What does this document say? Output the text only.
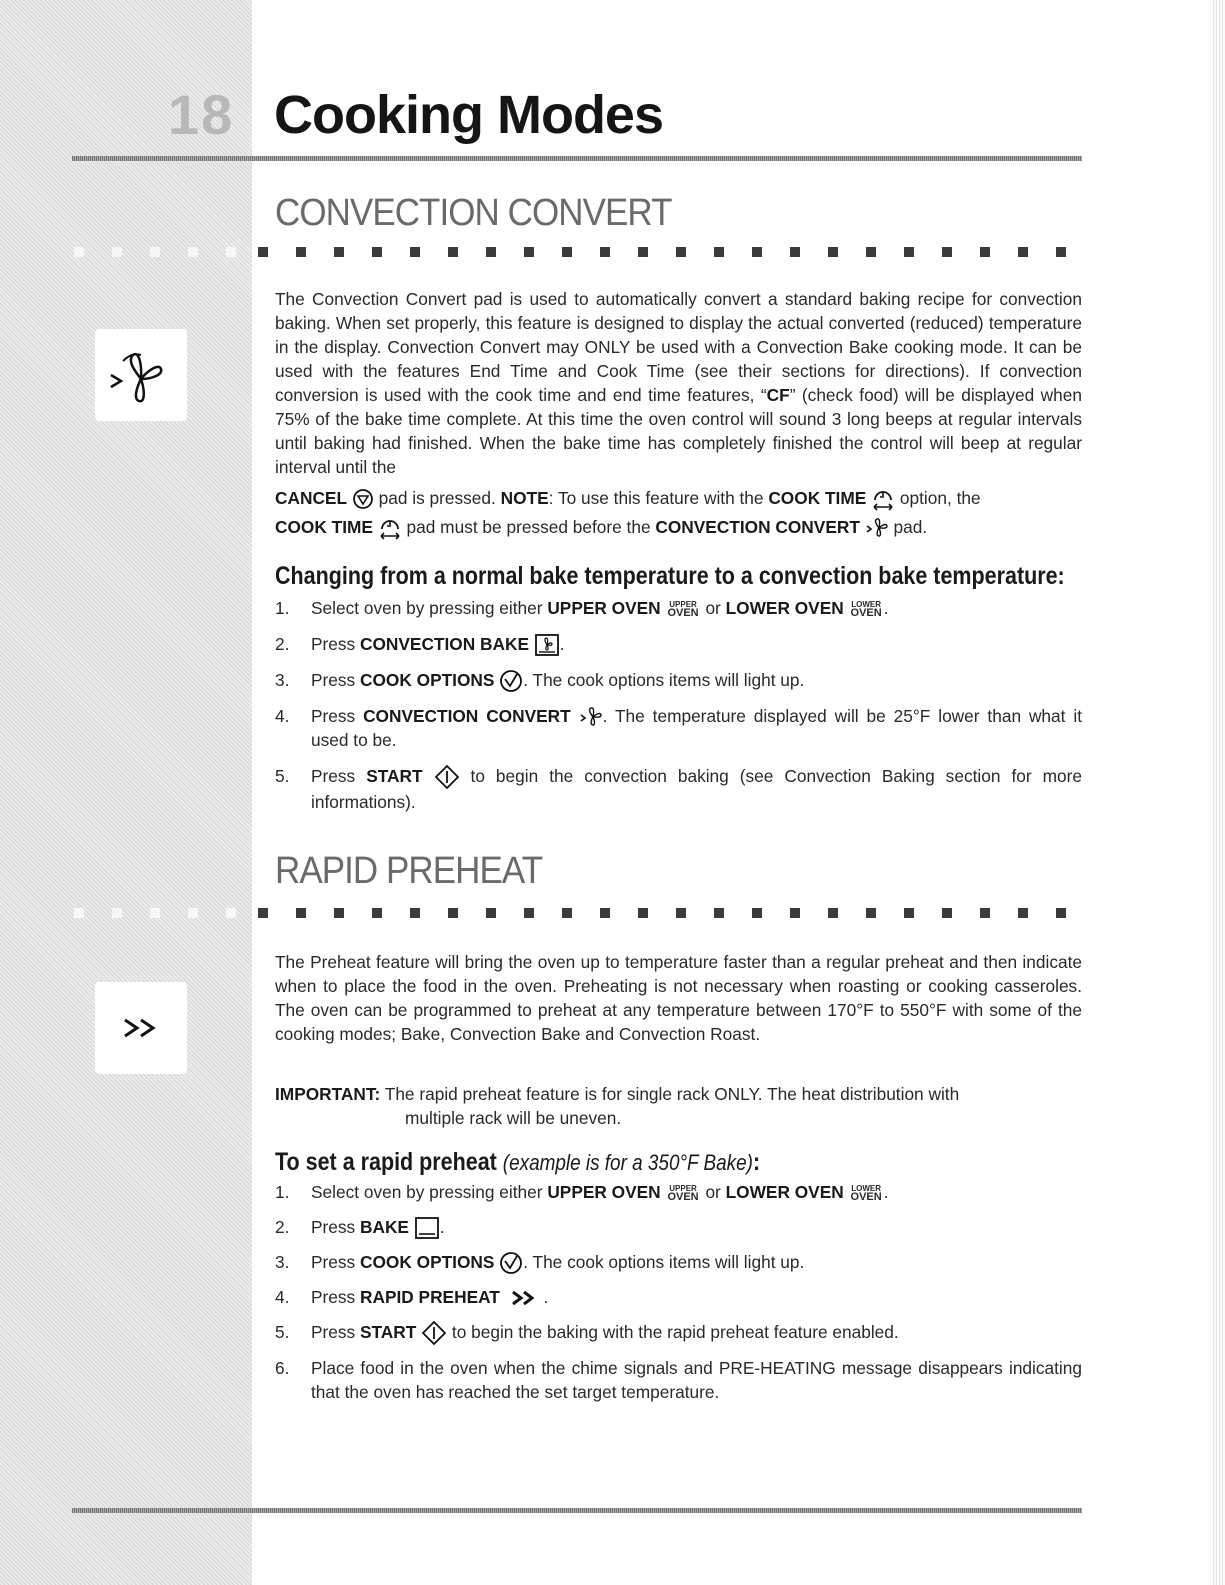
18 Cooking Modes
CONVECTION CONVERT
The Convection Convert pad is used to automatically convert a standard baking recipe for convection baking. When set properly, this feature is designed to display the actual converted (reduced) temperature in the display. Convection Convert may ONLY be used with a Convection Bake cooking mode. It can be used with the features End Time and Cook Time (see their sections for directions). If convection conversion is used with the cook time and end time features, “CF” (check food) will be displayed when 75% of the bake time complete. At this time the oven control will sound 3 long beeps at regular intervals until baking had finished. When the bake time has completely finished the control will beep at regular interval until the
CANCEL  pad is pressed. NOTE: To use this feature with the COOK TIME  option, the
COOK TIME  pad must be pressed before the CONVECTION CONVERT  pad.
Changing from a normal bake temperature to a convection bake temperature:
1. Select oven by pressing either UPPER OVEN UPPER
OVEN or LOWER OVEN LOWER
OVEN .
2. Press CONVECTION BAKE .
3. Press COOK OPTIONS . The cook options items will light up.
4. Press CONVECTION CONVERT . The temperature displayed will be 25°F lower than what it used to be.
5. Press START  to begin the convection baking (see Convection Baking section for more informations).
RAPID PREHEAT
The Preheat feature will bring the oven up to temperature faster than a regular preheat and then indicate when to place the food in the oven. Preheating is not necessary when roasting or cooking casseroles. The oven can be programmed to preheat at any temperature between 170°F to 550°F with some of the cooking modes; Bake, Convection Bake and Convection Roast.
IMPORTANT: The rapid preheat feature is for single rack ONLY. The heat distribution with
multiple rack will be uneven.
To set a rapid preheat (example is for a 350°F Bake):
1. Select oven by pressing either UPPER OVEN UPPER
OVEN or LOWER OVEN LOWER
OVEN .
2. Press BAKE .
3. Press COOK OPTIONS . The cook options items will light up.
4. Press RAPID PREHEAT  .
5. Press START  to begin the baking with the rapid preheat feature enabled.
6. Place food in the oven when the chime signals and PRE-HEATING message disappears indicating that the oven has reached the set target temperature.
